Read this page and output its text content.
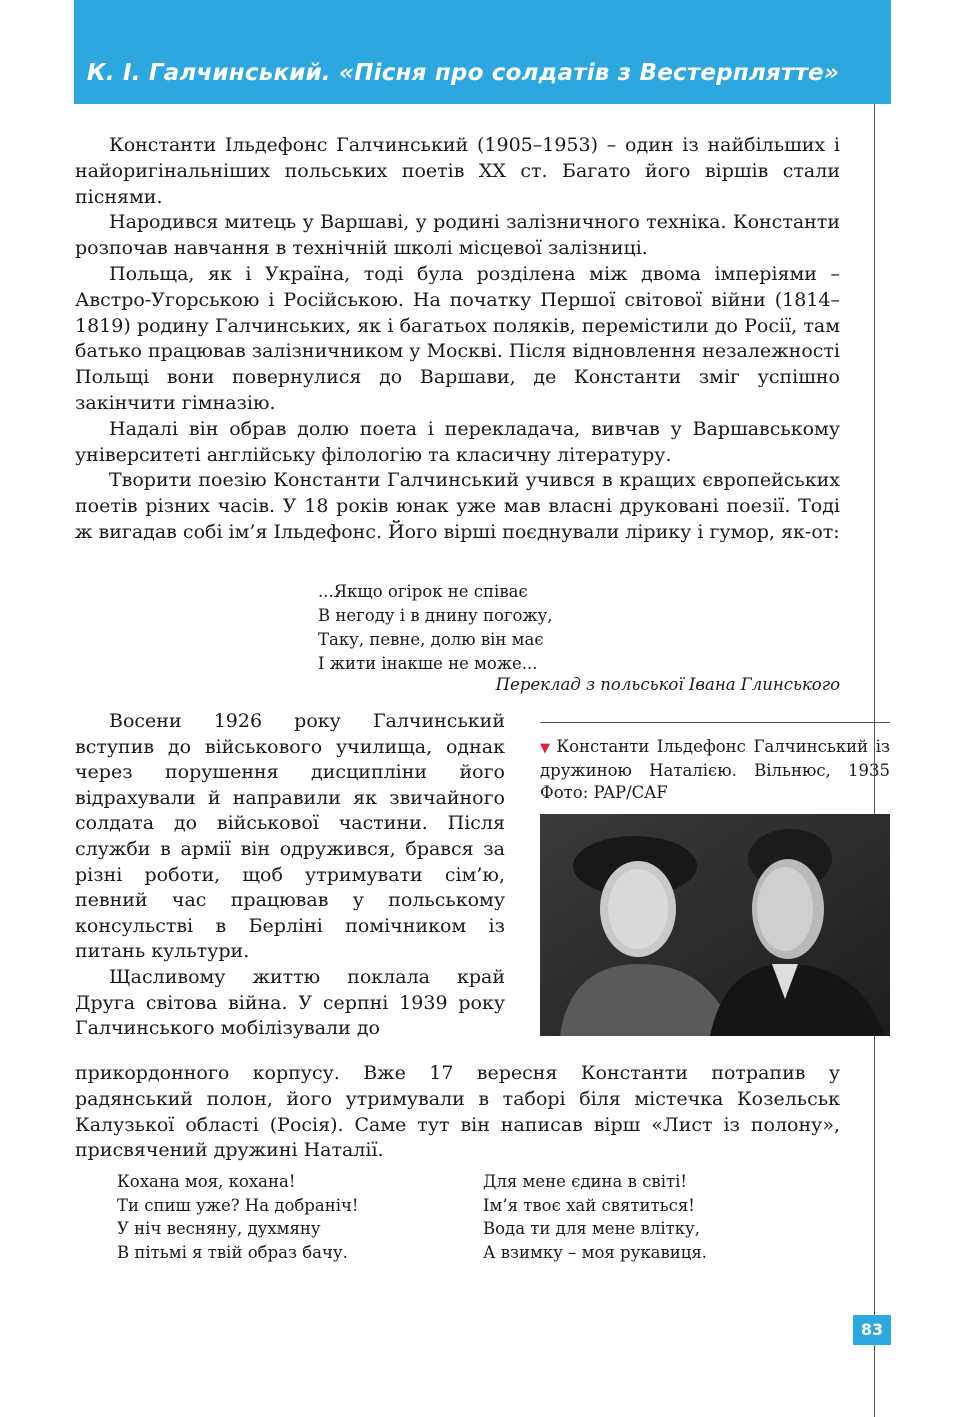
К. І. Галчинський. «Пісня про солдатів з Вестерплятте»

Константи Ільдефонс Галчинський (1905–1953) – один із найбільших і найоригінальніших польських поетів XX ст. Багато його віршів стали піснями.

Народився митець у Варшаві, у родині залізничного техніка. Константи розпочав навчання в технічній школі місцевої залізниці.

Польща, як і Україна, тоді була розділена між двома імперіями – Австро-Угорською і Російською. На початку Першої світової війни (1814–1819) родину Галчинських, як і багатьох поляків, перемістили до Росії, там батько працював залізничником у Москві. Після відновлення незалежності Польщі вони повернулися до Варшави, де Константи зміг успішно закінчити гімназію.

Надалі він обрав долю поета і перекладача, вивчав у Варшавському університеті англійську філологію та класичну літературу.

Творити поезію Константи Галчинський учився в кращих європейських поетів різних часів. У 18 років юнак уже мав власні друковані поезії. Тоді ж вигадав собі ім’я Ільдефонс. Його вірші поєднували лірику і гумор, як-от:

...Якщо огірок не співає
В негоду і в днину погожу,
Таку, певне, долю він має
І жити інакше не може...
Переклад з польської Івана Глинського

Восени 1926 року Галчинський вступив до військового училища, однак через порушення дисципліни його відрахували й направили як звичайного солдата до військової частини. Після служби в армії він одружився, брався за різні роботи, щоб утримувати сім’ю, певний час працював у польському консульстві в Берліні помічником із питань культури.

Щасливому життю поклала край Друга світова війна. У серпні 1939 року Галчинського мобілізували до

прикордонного корпусу. Вже 17 вересня Константи потрапив у радянський полон, його утримували в таборі біля містечка Козельськ Калузької області (Росія). Саме тут він написав вірш «Лист із полону», присвячений дружині Наталії.

▼ Константи Ільдефонс Галчинський із дружиною Наталією. Вільнюс, 1935 Фото: PAP/CAF
Кохана моя, кохана!
Ти спиш уже? На добраніч!
У ніч весняну, духмяну
В пітьмі я твій образ бачу.
Для мене єдина в світі!
Ім’я твоє хай святиться!
Вода ти для мене влітку,
А взимку – моя рукавиця.
83
